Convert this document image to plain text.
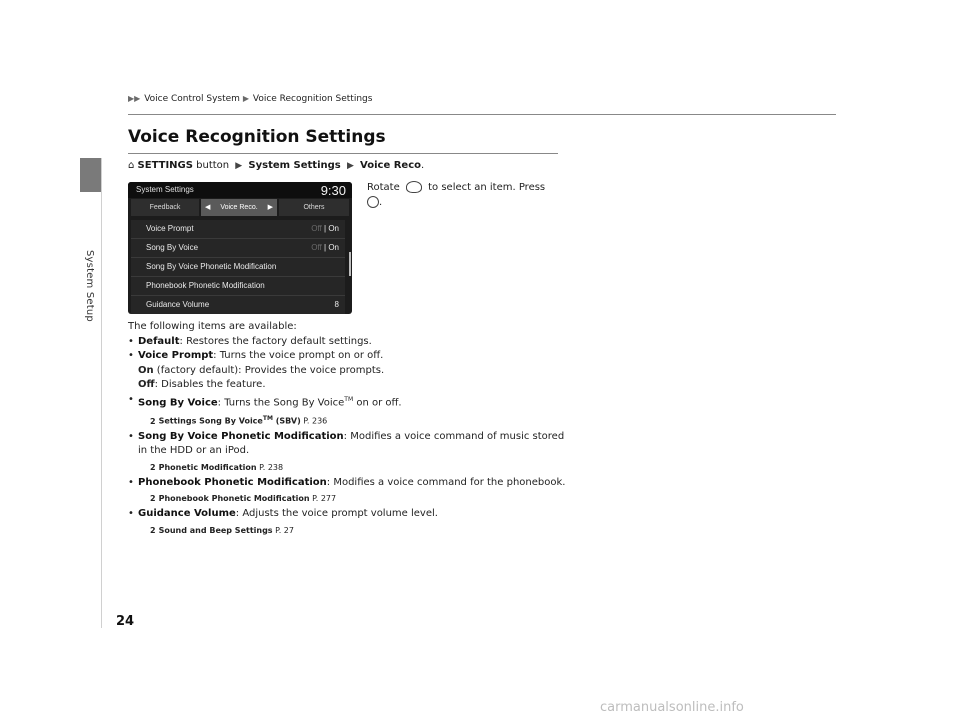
System Setup
▶▶ Voice Control System ▶ Voice Recognition Settings
Voice Recognition Settings
⌂ SETTINGS button ▶ System Settings ▶ Voice Reco.
System Settings	9:30
Feedback	◀ Voice Reco. ▶	Others
Voice Prompt	Off | On
Song By Voice	Off | On
Song By Voice Phonetic Modification
Phonebook Phonetic Modification
Guidance Volume	8
Rotate	to select an item. Press
.

The following items are available:

• Default: Restores the factory default settings.
• Voice Prompt: Turns the voice prompt on or off.
On (factory default): Provides the voice prompts.
Off: Disables the feature.
• Song By Voice: Turns the Song By Voice™ on or off.
2 Settings Song By Voice™ (SBV) P. 236
• Song By Voice Phonetic Modification: Modifies a voice command of music stored in the HDD or an iPod.
2 Phonetic Modification P. 238
• Phonebook Phonetic Modification: Modifies a voice command for the phonebook.
2 Phonebook Phonetic Modification P. 277
• Guidance Volume: Adjusts the voice prompt volume level.
2 Sound and Beep Settings P. 27
24
carmanualsonline.info
